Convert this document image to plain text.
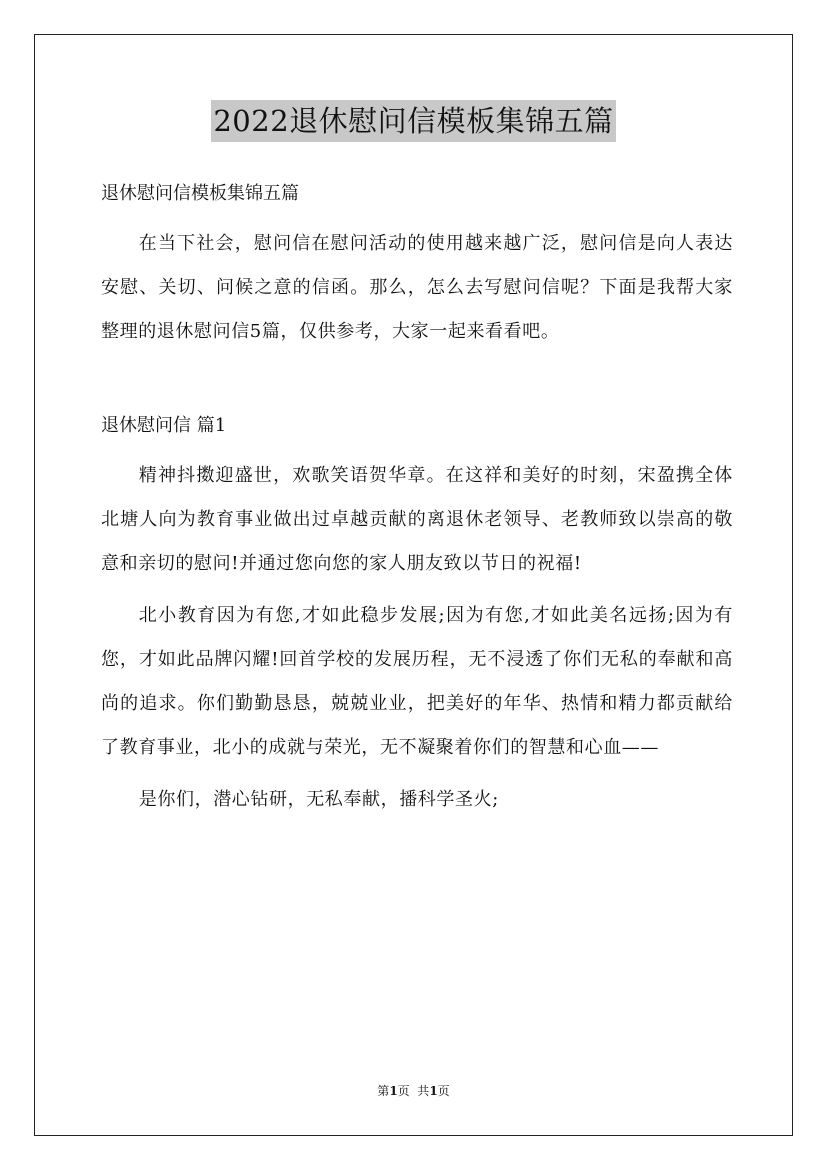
2022退休慰问信模板集锦五篇

退休慰问信模板集锦五篇

在当下社会，慰问信在慰问活动的使用越来越广泛，慰问信是向人表达安慰、关切、问候之意的信函。那么，怎么去写慰问信呢？下面是我帮大家整理的退休慰问信5篇，仅供参考，大家一起来看看吧。

退休慰问信 篇1

精神抖擞迎盛世，欢歌笑语贺华章。在这祥和美好的时刻，宋盈携全体北塘人向为教育事业做出过卓越贡献的离退休老领导、老教师致以崇高的敬意和亲切的慰问!并通过您向您的家人朋友致以节日的祝福!

北小教育因为有您,才如此稳步发展;因为有您,才如此美名远扬;因为有您，才如此品牌闪耀!回首学校的发展历程，无不浸透了你们无私的奉献和高尚的追求。你们勤勤恳恳，兢兢业业，把美好的年华、热情和精力都贡献给了教育事业，北小的成就与荣光，无不凝聚着你们的智慧和心血——

是你们，潜心钻研，无私奉献，播科学圣火;

第1页  共1页
